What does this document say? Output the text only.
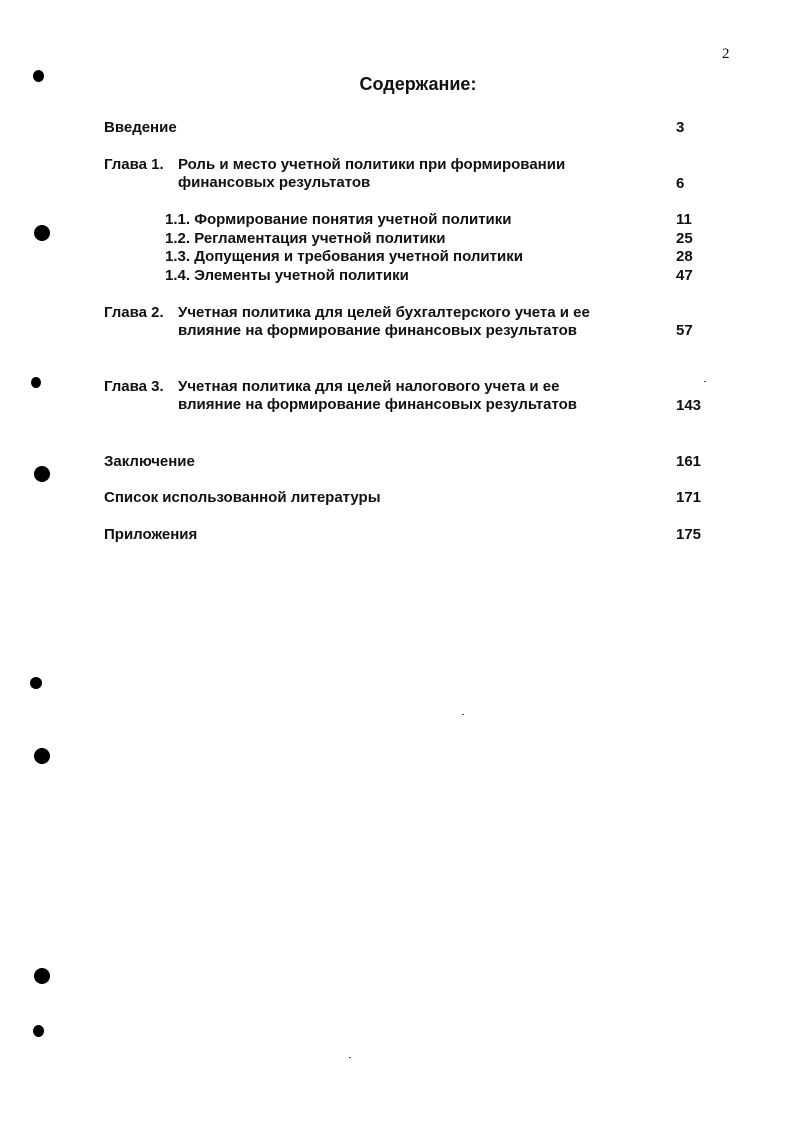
2
Содержание:
Введение	3
Глава 1. Роль и место учетной политики при формировании
финансовых результатов	6
1.1. Формирование понятия учетной политики	11
1.2. Регламентация учетной политики	25
1.3. Допущения и требования учетной политики	28
1.4. Элементы учетной политики	47
Глава 2. Учетная политика для целей бухгалтерского учета и ее
влияние на формирование финансовых результатов	57
Глава 3. Учетная политика для целей налогового учета и ее
влияние на формирование финансовых результатов	143
Заключение	161
Список использованной литературы	171
Приложения	175
